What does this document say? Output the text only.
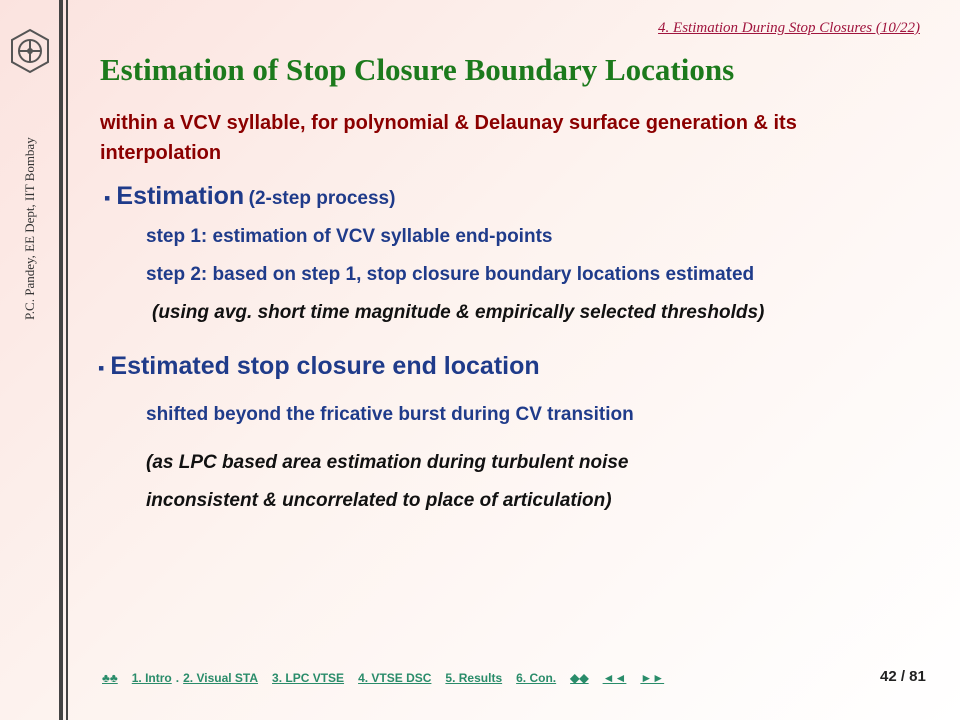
P.C. Pandey, EE Dept, IIT Bombay
4. Estimation During Stop Closures (10/22)
Estimation of Stop Closure Boundary Locations
within a VCV syllable, for polynomial & Delaunay surface generation & its interpolation
▪ Estimation (2-step process)
step 1: estimation of VCV syllable end-points
step 2: based on step 1, stop closure boundary locations estimated
(using avg. short time magnitude & empirically selected thresholds)
▪ Estimated stop closure end location
shifted beyond the fricative burst during CV transition
(as LPC based area estimation during turbulent noise
inconsistent & uncorrelated to place of articulation)
♣♣ 1. Intro . 2. Visual STA 3. LPC VTSE 4. VTSE DSC 5. Results 6. Con. ◆◆ ◄◄ ►►	42 / 81
